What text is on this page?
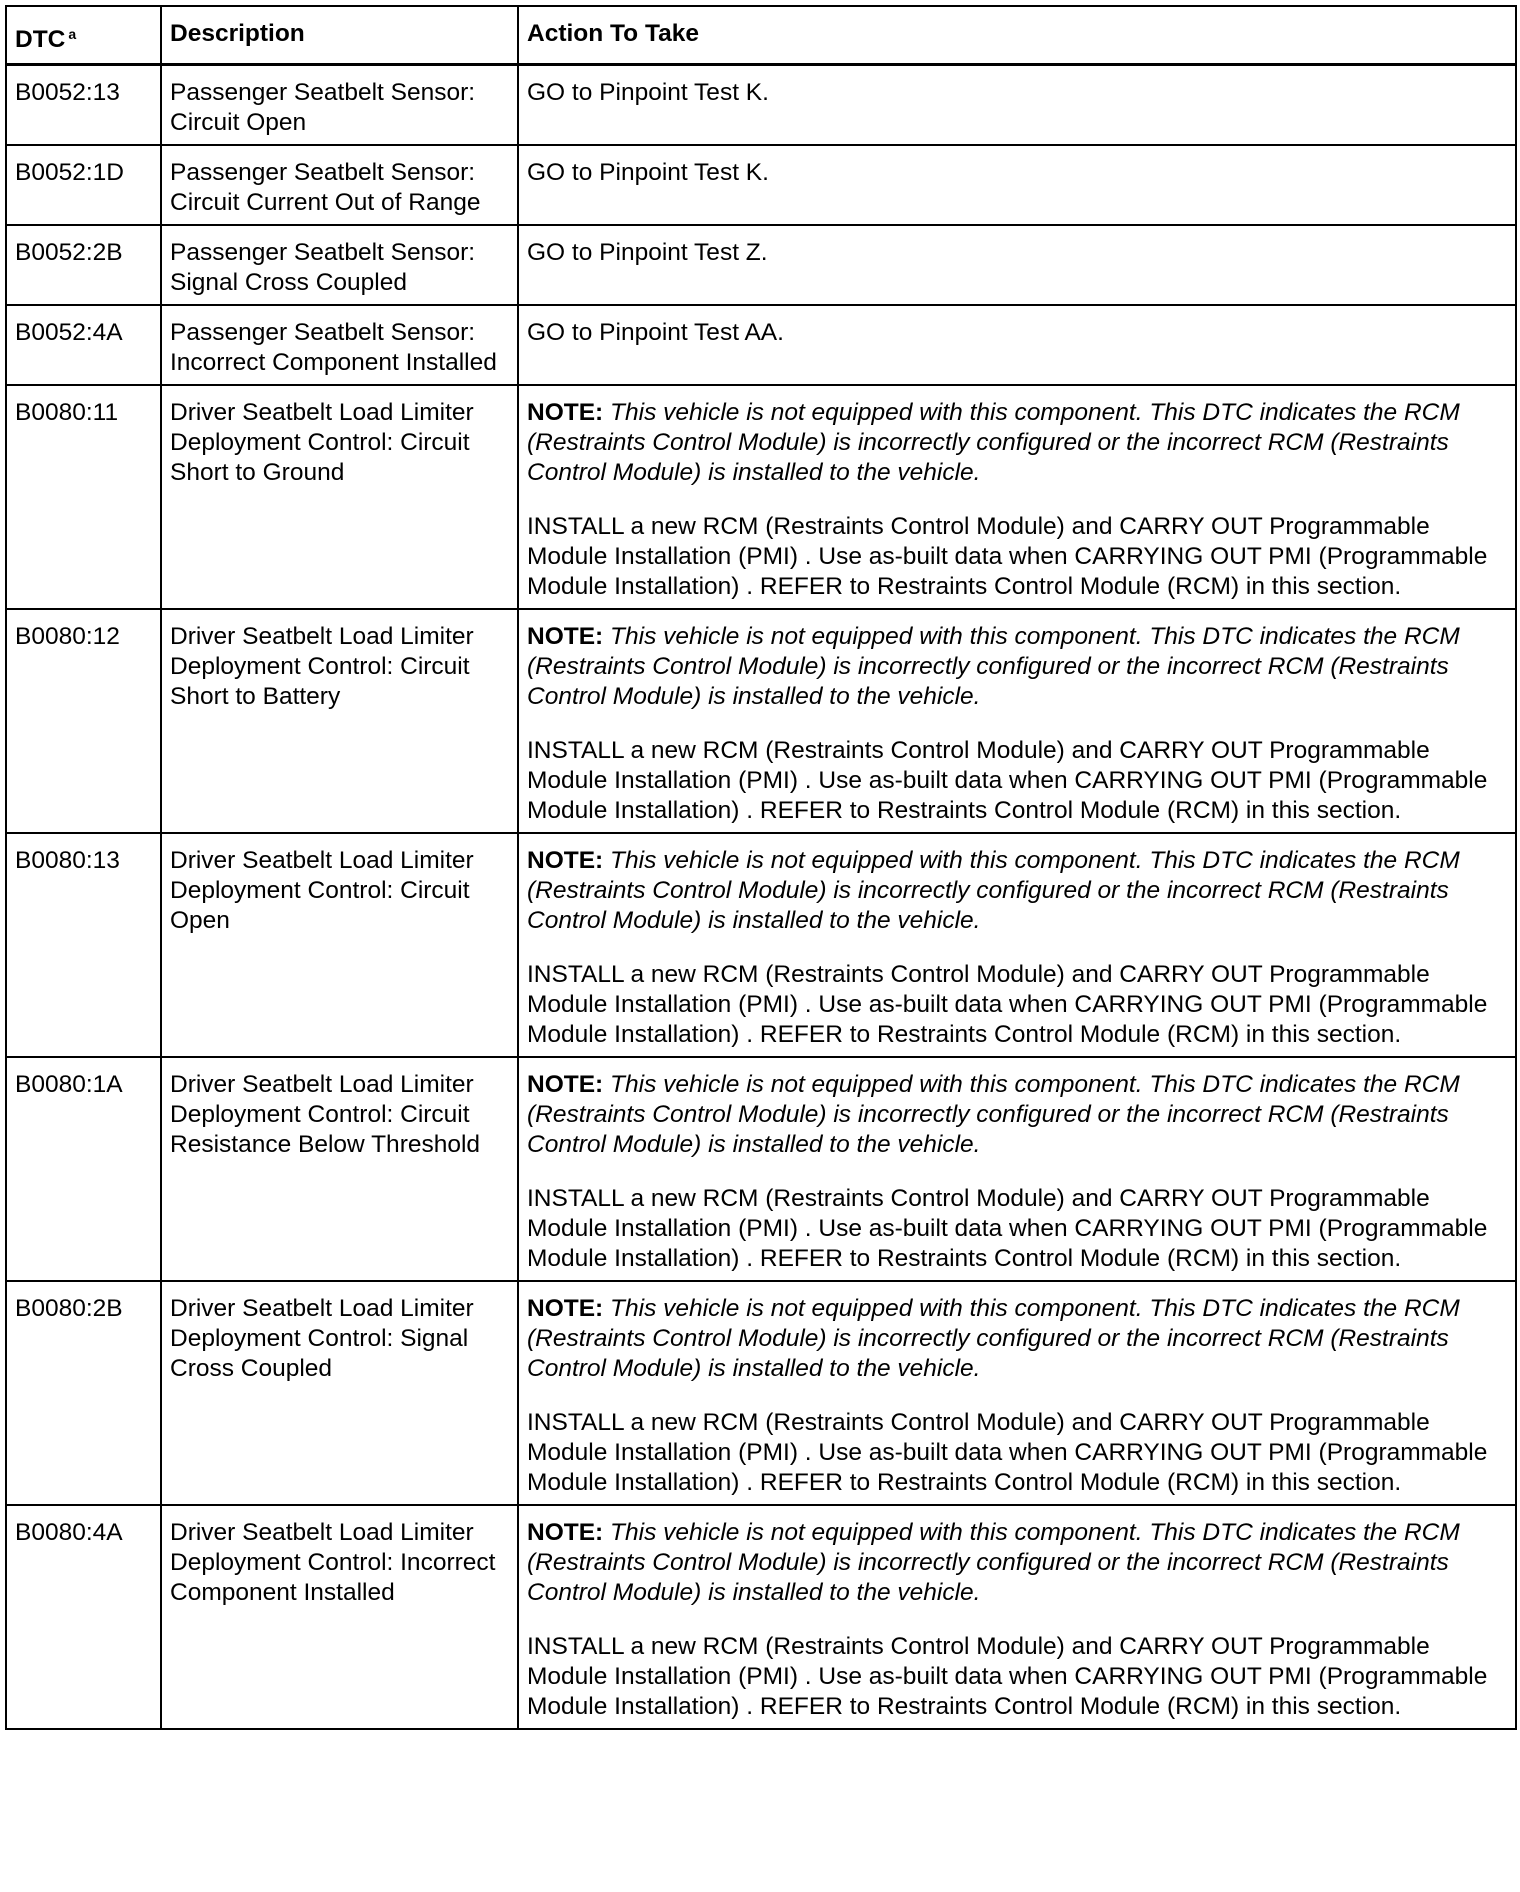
DTC $^a$	Description	Action To Take
B0052:13	Passenger Seatbelt Sensor: Circuit Open	GO to Pinpoint Test K.
B0052:1D	Passenger Seatbelt Sensor: Circuit Current Out of Range	GO to Pinpoint Test K.
B0052:2B	Passenger Seatbelt Sensor: Signal Cross Coupled	GO to Pinpoint Test Z.
B0052:4A	Passenger Seatbelt Sensor: Incorrect Component Installed	GO to Pinpoint Test AA.
B0080:11	Driver Seatbelt Load Limiter Deployment Control: Circuit Short to Ground	NOTE: This vehicle is not equipped with this component. This DTC indicates the RCM (Restraints Control Module) is incorrectly configured or the incorrect RCM (Restraints Control Module) is installed to the vehicle.

INSTALL a new RCM (Restraints Control Module) and CARRY OUT Programmable Module Installation (PMI) . Use as-built data when CARRYING OUT PMI (Programmable Module Installation) . REFER to Restraints Control Module (RCM) in this section.

B0080:12	Driver Seatbelt Load Limiter Deployment Control: Circuit Short to Battery	NOTE: This vehicle is not equipped with this component. This DTC indicates the RCM (Restraints Control Module) is incorrectly configured or the incorrect RCM (Restraints Control Module) is installed to the vehicle.

INSTALL a new RCM (Restraints Control Module) and CARRY OUT Programmable Module Installation (PMI) . Use as-built data when CARRYING OUT PMI (Programmable Module Installation) . REFER to Restraints Control Module (RCM) in this section.

B0080:13	Driver Seatbelt Load Limiter Deployment Control: Circuit Open	NOTE: This vehicle is not equipped with this component. This DTC indicates the RCM (Restraints Control Module) is incorrectly configured or the incorrect RCM (Restraints Control Module) is installed to the vehicle.

INSTALL a new RCM (Restraints Control Module) and CARRY OUT Programmable Module Installation (PMI) . Use as-built data when CARRYING OUT PMI (Programmable Module Installation) . REFER to Restraints Control Module (RCM) in this section.

B0080:1A	Driver Seatbelt Load Limiter Deployment Control: Circuit Resistance Below Threshold	NOTE: This vehicle is not equipped with this component. This DTC indicates the RCM (Restraints Control Module) is incorrectly configured or the incorrect RCM (Restraints Control Module) is installed to the vehicle.

INSTALL a new RCM (Restraints Control Module) and CARRY OUT Programmable Module Installation (PMI) . Use as-built data when CARRYING OUT PMI (Programmable Module Installation) . REFER to Restraints Control Module (RCM) in this section.

B0080:2B	Driver Seatbelt Load Limiter Deployment Control: Signal Cross Coupled	NOTE: This vehicle is not equipped with this component. This DTC indicates the RCM (Restraints Control Module) is incorrectly configured or the incorrect RCM (Restraints Control Module) is installed to the vehicle.

INSTALL a new RCM (Restraints Control Module) and CARRY OUT Programmable Module Installation (PMI) . Use as-built data when CARRYING OUT PMI (Programmable Module Installation) . REFER to Restraints Control Module (RCM) in this section.

B0080:4A	Driver Seatbelt Load Limiter Deployment Control: Incorrect Component Installed	NOTE: This vehicle is not equipped with this component. This DTC indicates the RCM (Restraints Control Module) is incorrectly configured or the incorrect RCM (Restraints Control Module) is installed to the vehicle.

INSTALL a new RCM (Restraints Control Module) and CARRY OUT Programmable Module Installation (PMI) . Use as-built data when CARRYING OUT PMI (Programmable Module Installation) . REFER to Restraints Control Module (RCM) in this section.
